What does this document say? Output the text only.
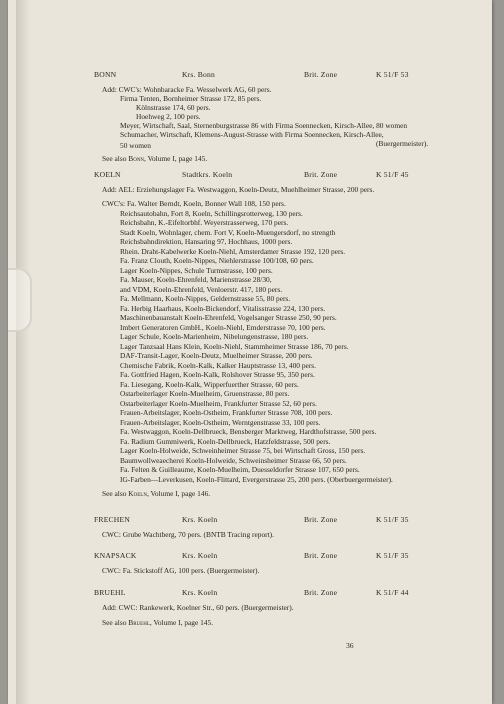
BONN	Krs. Bonn	Brit. Zone	K 51/F 53
Add: CWC's: Wohnbaracke Fa. Wesselwerk AG, 60 pers.
Firma Tenten, Bornheimer Strasse 172, 85 pers.
Kölnstrasse 174, 60 pers.
Hoehweg 2, 100 pers.
Meyer, Wirtschaft, Saal, Sternenburgstrasse 86 with Firma Soennecken, Kirsch-Allee, 80 women
Schumacher, Wirtschaft, Klemens-August-Strasse with Firma Soennecken, Kirsch-Allee,
(Buergermeister).
50 women
See also Bonn, Volume I, page 145.
KOELN	Stadtkrs. Koeln	Brit. Zone	K 51/F 45
Add: AEL: Erziehungslager Fa. Westwaggon, Koeln-Deutz, Muehlheimer Strasse, 200 pers.
CWC's: Fa. Walter Berndt, Koeln, Bonner Wall 108, 150 pers.
Reichsautobahn, Fort 8, Koeln, Schillingsrotterweg, 130 pers.
Reichsbahn, K.-Eifeltorbhf. Weyerstrasserweg, 170 pers.
Stadt Koeln, Wohnlager, chem. Fort V, Koeln-Muengersdorf, no strength
Reichsbahndirektion, Hansaring 97, Hochhaus, 1000 pers.
Rhein. Draht-Kabelwerke Koeln-Niehl, Amsterdamer Strasse 192, 120 pers.
Fa. Franz Clouth, Koeln-Nippes, Niehlerstrasse 100/108, 60 pers.
Lager Koeln-Nippes, Schule Turmstrasse, 100 pers.
Fa. Mauser, Koeln-Ehrenfeld, Marienstrasse 28/30,
and VDM, Koeln-Ehrenfeld, Venloerstr. 417, 180 pers.
Fa. Mellmann, Koeln-Nippes, Geldernstrasse 55, 80 pers.
Fa. Herbig Haarhaus, Koeln-Bickendorf, Vitalisstrasse 224, 130 pers.
Maschinenbauanstalt Koeln-Ehrenfeld, Vogelsanger Strasse 250, 90 pers.
Imbert Generatoren GmbH., Koeln-Niehl, Emderstrasse 70, 100 pers.
Lager Schule, Koeln-Marienheim, Nibelungenstrasse, 180 pers.
Lager Tanzsaal Hans Klein, Koeln-Niehl, Stammheimer Strasse 186, 70 pers.
DAF-Transit-Lager, Koeln-Deutz, Muelheimer Strasse, 200 pers.
Chemische Fabrik, Koeln-Kalk, Kalker Hauptstrasse 13, 400 pers.
Fa. Gottfried Hagen, Koeln-Kalk, Rolshover Strasse 95, 350 pers.
Fa. Liesegang, Koeln-Kalk, Wipperfuerther Strasse, 60 pers.
Ostarbeiterlager Koeln-Muelheim, Gruenstrasse, 80 pers.
Ostarbeiterlager Koeln-Muelheim, Frankfurter Strasse 52, 60 pers.
Frauen-Arbeitslager, Koeln-Ostheim, Frankfurter Strasse 708, 100 pers.
Frauen-Arbeitslager, Koeln-Ostheim, Werntgenstrasse 33, 100 pers.
Fa. Westwaggon, Koeln-Dellbrueck, Bensberger Marktweg, Hardthofstrasse, 500 pers.
Fa. Radium Gummiwerk, Koeln-Dellbrueck, Hatzfeldstrasse, 500 pers.
Lager Koeln-Holweide, Schweinheimer Strasse 75, bei Wirtschaft Gross, 150 pers.
Baumwollweaecherei Koeln-Holweide, Schweinsheimer Strasse 66, 50 pers.
Fa. Felten & Guilleaume, Koeln-Muelheim, Duesseldorfer Strasse 107, 650 pers.
IG-Farben—Leverkusen, Koeln-Flittard, Evergerstrasse 25, 200 pers. (Oberbuergermeister).
See also Koeln, Volume I, page 146.
FRECHEN	Krs. Koeln	Brit. Zone	K 51/F 35
CWC: Grube Wachtberg, 70 pers. (BNTB Tracing report).
KNAPSACK	Krs. Koeln	Brit. Zone	K 51/F 35
CWC: Fa. Stickstoff AG, 100 pers. (Buergermeister).
BRUEHL	Krs. Koeln	Brit. Zone	K 51/F 44
Add: CWC: Rankewerk, Koelner Str., 60 pers. (Buergermeister).
See also Bruehl, Volume I, page 145.
36
